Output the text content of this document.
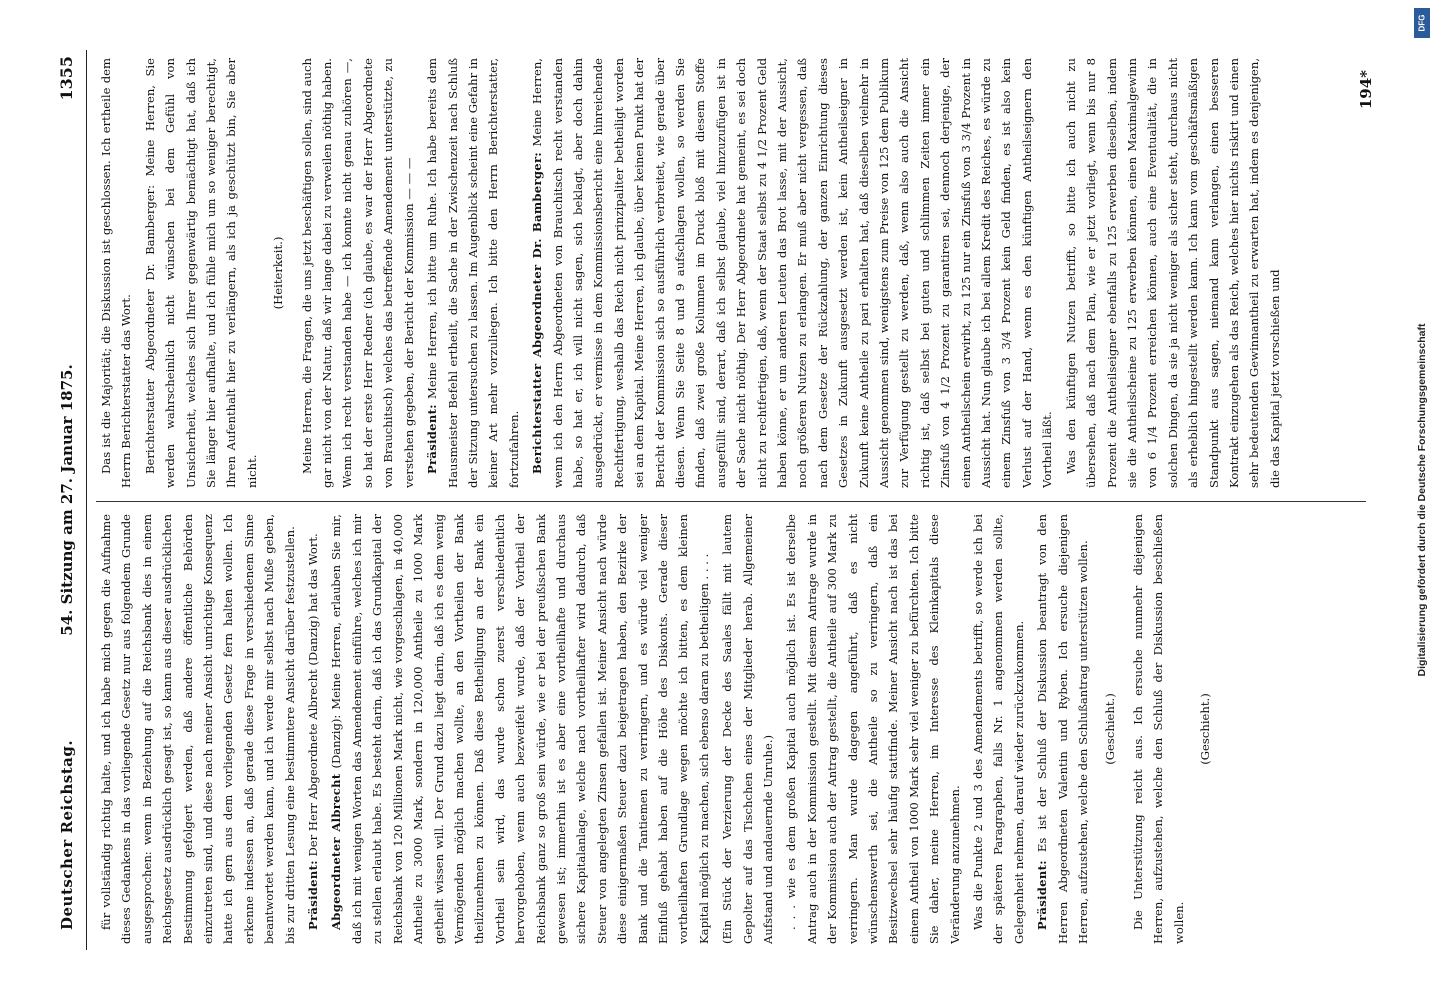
Deutscher Reichstag.
54. Sitzung am 27. Januar 1875.
1355

für vollständig richtig halte, und ich habe mich gegen die Aufnahme dieses Gedankens in das vorliegende Gesetz nur aus folgendem Grunde ausgesprochen: wenn in Beziehung auf die Reichsbank dies in einem Reichsgesetz ausdrücklich gesagt ist, so kann aus dieser ausdrücklichen Bestimmung gefolgert werden, daß andere öffentliche Behörden einzutreten sind, und diese nach meiner Ansicht unrichtige Konsequenz hatte ich gern aus dem vorliegenden Gesetz fern halten wollen. Ich erkenne indessen an, daß gerade diese Frage in verschiedenem Sinne beantwortet werden kann, und ich werde mir selbst nach Muße geben, bis zur dritten Lesung eine bestimmtere Ansicht darüber festzustellen. Präsident: Der Herr Abgeordnete Albrecht (Danzig) hat das Wort. Abgeordneter Albrecht (Danzig): Meine Herren, erlauben Sie mir, daß ich mit wenigen Worten das Amendement einführe, welches ich mir zu stellen erlaubt habe. Es besteht darin, daß ich das Grundkapital der Reichsbank von 120 Millionen Mark nicht, wie vorgeschlagen, in 40,000 Antheile zu 3000 Mark, sondern in 120,000 Antheile zu 1000 Mark getheilt wissen will. Der Grund dazu liegt darin, daß ich es dem wenig Vermögenden möglich machen wollte, an den Vortheilen der Bank theilzunehmen zu können. Daß diese Betheiligung an der Bank ein Vortheil sein wird, das wurde schon zuerst verschiedentlich hervorgehoben, wenn auch bezweifelt wurde, daß der Vortheil der Reichsbank ganz so groß sein würde, wie er bei der preußischen Bank gewesen ist; immerhin ist es aber eine vortheilhafte und durchaus sichere Kapitalanlage, welche nach vortheilhafter wird dadurch, daß Steuer von angelegten Zinsen gefallen ist. Meiner Ansicht nach würde diese einigermaßen Steuer dazu beigetragen haben, den Bezirke der Bank und die Tantiemen zu verringern, und es würde viel weniger Einfluß gehabt haben auf die Höhe des Diskonts. Gerade dieser vortheilhaften Grundlage wegen möchte ich bitten, es dem kleinen Kapital möglich zu machen, sich ebenso daran zu betheiligen . . . . (Ein Stück der Verzierung der Decke des Saales fällt mit lautem Gepolter auf das Tischchen eines der Mitglieder herab. Allgemeiner Aufstand und andauernde Unruhe.) . . . wie es dem großen Kapital auch möglich ist. Es ist derselbe Antrag auch in der Kommission gestellt. Mit diesem Antrage wurde in der Kommission auch der Antrag gestellt, die Antheile auf 300 Mark zu verringern. Man wurde dagegen angeführt, daß es nicht wünschenswerth sei, die Antheile so zu verringern, daß ein Besitzwechsel sehr häufig stattfinde. Meiner Ansicht nach ist das bei einem Antheil von 1000 Mark sehr viel weniger zu befürchten. Ich bitte Sie daher, meine Herren, im Interesse des Kleinkapitals diese Veränderung anzunehmen. Was die Punkte 2 und 3 des Amendements betrifft, so werde ich bei der späteren Paragraphen, falls Nr. 1 angenommen werden sollte, Gelegenheit nehmen, darauf wieder zurückzukommen. Präsident: Es ist der Schluß der Diskussion beantragt von den Herren Abgeordneten Valentin und Ryben. Ich ersuche diejenigen Herren, aufzustehen, welche den Schlußantrag unterstützen wollen. (Geschieht.) Die Unterstützung reicht aus. Ich ersuche nunmehr diejenigen Herren, aufzustehen, welche den Schluß der Diskussion beschließen wollen.

(Geschieht.)

Das ist die Majorität; die Diskussion ist geschlossen. Ich ertheile dem Herrn Berichterstatter das Wort. Berichterstatter Abgeordneter Dr. Bamberger: Meine Herren, Sie werden wahrscheinlich nicht wünschen bei dem Gefühl von Unsicherheit, welches sich Ihrer gegenwärtig bemächtigt hat, daß ich Sie länger hier aufhalte, und ich fühle mich um so weniger berechtigt, Ihren Aufenthalt hier zu verlängern, als ich ja geschützt bin, Sie aber nicht.

(Heiterkeit.) Meine Herren, die Fragen, die uns jetzt beschäftigen sollen, sind auch gar nicht von der Natur, daß wir lange dabei zu verweilen nöthig haben. Wenn ich recht verstanden habe — ich konnte nicht genau zuhören —, so hat der erste Herr Redner (ich glaube, es war der Herr Abgeordnete von Brauchitsch) welches das betreffende Amendement unterstützte, zu verstehen gegeben, der Bericht der Kommission — — — Präsident: Meine Herren, ich bitte um Ruhe. Ich habe bereits dem Hausmeister Befehl ertheilt, die Sache in der Zwischenzeit nach Schluß der Sitzung untersuchen zu lassen. Im Augenblick scheint eine Gefahr in keiner Art mehr vorzuliegen. Ich bitte den Herrn Berichterstatter, fortzufahren. Berichterstatter Abgeordneter Dr. Bamberger: Meine Herren, wenn ich den Herrn Abgeordneten von Brauchitsch recht verstanden habe, so hat er, ich will nicht sagen, sich beklagt, aber doch dahin ausgedrückt, er vermisse in dem Kommissionsbericht eine hinreichende Rechtfertigung, weshalb das Reich nicht prinzipaliter betheiligt worden sei an dem Kapital. Meine Herren, ich glaube, über keinen Punkt hat der Bericht der Kommission sich so ausführlich verbreitet, wie gerade über diesen. Wenn Sie Seite 8 und 9 aufschlagen wollen, so werden Sie finden, daß zwei große Kolumnen im Druck bloß mit diesem Stoffe ausgefüllt sind, derart, daß ich selbst glaube, viel hinzuzufügen ist in der Sache nicht nöthig. Der Herr Abgeordnete hat gemeint, es sei doch nicht zu rechtfertigen, daß, wenn der Staat selbst zu 4 1/2 Prozent Geld haben könne, er um anderen Leuten das Brot lasse, mit der Aussicht, noch größeren Nutzen zu erlangen. Er muß aber nicht vergessen, daß nach dem Gesetze der Rückzahlung, der ganzen Einrichtung dieses Gesetzes in Zukunft ausgesetzt werden ist, kein Antheilseigner in Zukunft keine Antheile zu pari erhalten hat, daß dieselben vielmehr in Aussicht genommen sind, wenigstens zum Preise von 125 dem Publikum zur Verfügung gestellt zu werden, daß, wenn also auch die Ansicht richtig ist, daß selbst bei guten und schlimmen Zeiten immer ein Zinsfuß von 4 1/2 Prozent zu garantiren sei, dennoch derjenige, der einen Antheilschein erwirbt, zu 125 nur ein Zinsfuß von 3 3/4 Prozent in Aussicht hat. Nun glaube ich bei allem Kredit des Reiches, es würde zu einem Zinsfuß von 3 3/4 Prozent kein Geld finden, es ist also kein Verlust auf der Hand, wenn es den künftigen Antheilseignern den Vortheil läßt. Was den künftigen Nutzen betrifft, so bitte ich auch nicht zu übersehen, daß nach dem Plan, wie er jetzt vorliegt, wenn bis nur 8 Prozent die Antheilseigner ebenfalls zu 125 erwerben dieselben, indem sie die Antheilscheine zu 125 erwerben können, einen Maximalgewinn von 6 1/4 Prozent erreichen können, auch eine Eventualität, die in solchen Dingen, da sie ja nicht weniger als sicher steht, durchaus nicht als erheblich hingestellt werden kann. Ich kann vom geschäftsmäßigen Standpunkt aus sagen, niemand kann verlangen, einen besseren Kontrakt einzugehen als das Reich, welches hier nichts riskirt und einen sehr bedeutenden Gewinnantheil zu erwarten hat, indem es denjenigen, die das Kapital jetzt vorschießen und

194*
Digitalisierung gefördert durch die Deutsche Forschungsgemeinschaft
DFG
